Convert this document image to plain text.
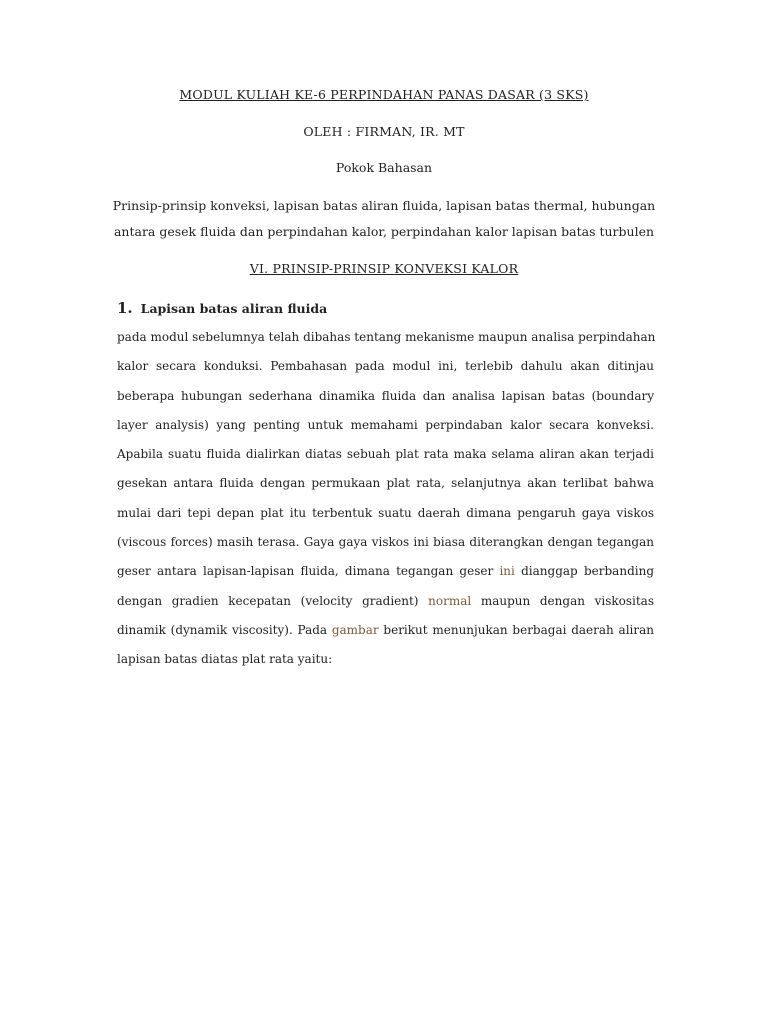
MODUL KULIAH KE-6 PERPINDAHAN PANAS DASAR (3 SKS)

OLEH : FIRMAN, IR. MT

Pokok Bahasan

Prinsip-prinsip konveksi, lapisan batas aliran fluida, lapisan batas thermal, hubungan antara gesek fluida dan perpindahan kalor, perpindahan kalor lapisan batas turbulen

VI. PRINSIP-PRINSIP KONVEKSI KALOR

1. Lapisan batas aliran fluida

pada modul sebelumnya telah dibahas tentang mekanisme maupun analisa perpindahan
kalor secara konduksi. Pembahasan pada modul ini, terlebib dahulu akan ditinjau
beberapa hubungan sederhana dinamika fluida dan analisa lapisan batas (boundary
layer analysis) yang penting untuk memahami perpindaban kalor secara konveksi.
Apabila suatu fluida dialirkan diatas sebuah plat rata maka selama aliran akan terjadi
gesekan antara fluida dengan permukaan plat rata, selanjutnya akan terlibat bahwa
mulai dari tepi depan plat itu terbentuk suatu daerah dimana pengaruh gaya viskos
(viscous forces) masih terasa. Gaya gaya viskos ini biasa diterangkan dengan tegangan
geser antara lapisan-lapisan fluida, dimana tegangan geser ini dianggap berbanding
dengan gradien kecepatan (velocity gradient) normal maupun dengan viskositas
dinamik (dynamik viscosity). Pada gambar berikut menunjukan berbagai daerah aliran
lapisan batas diatas plat rata yaitu:
